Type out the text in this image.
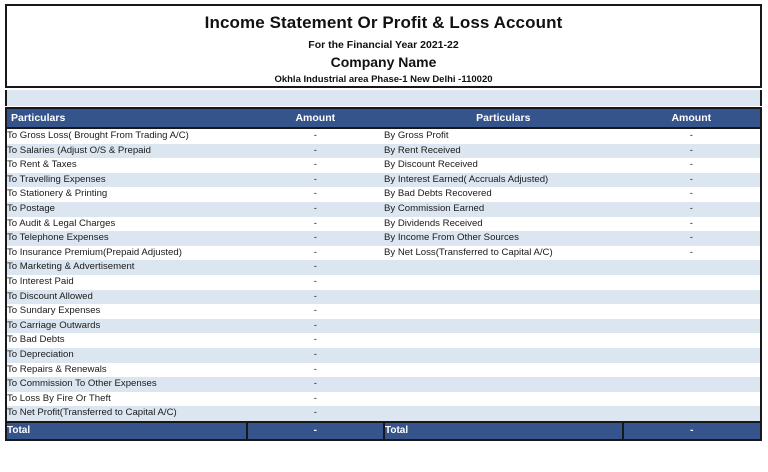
Income Statement Or Profit & Loss Account
For the Financial Year 2021-22
Company Name
Okhla Industrial area Phase-1 New Delhi -110020
Particulars	Amount	Particulars	Amount
To Gross Loss( Brought From Trading A/C)	-	By Gross Profit	-
To Salaries (Adjust O/S & Prepaid	-	By Rent Received	-
To Rent & Taxes	-	By Discount Received	-
To Travelling Expenses	-	By Interest Earned( Accruals Adjusted)	-
To Stationery & Printing	-	By Bad Debts Recovered	-
To Postage	-	By Commission Earned	-
To Audit & Legal Charges	-	By Dividends Received	-
To Telephone Expenses	-	By Income From Other Sources	-
To Insurance Premium(Prepaid Adjusted)	-	By Net Loss(Transferred to Capital A/C)	-
To Marketing & Advertisement	-		
To Interest Paid	-		
To Discount Allowed	-		
To Sundary Expenses	-		
To Carriage Outwards	-		
To Bad Debts	-		
To Depreciation	-		
To Repairs & Renewals	-		
To Commission To Other Expenses	-		
To Loss By Fire Or Theft	-		
To Net Profit(Transferred to Capital A/C)	-		
Total	-	Total	-
